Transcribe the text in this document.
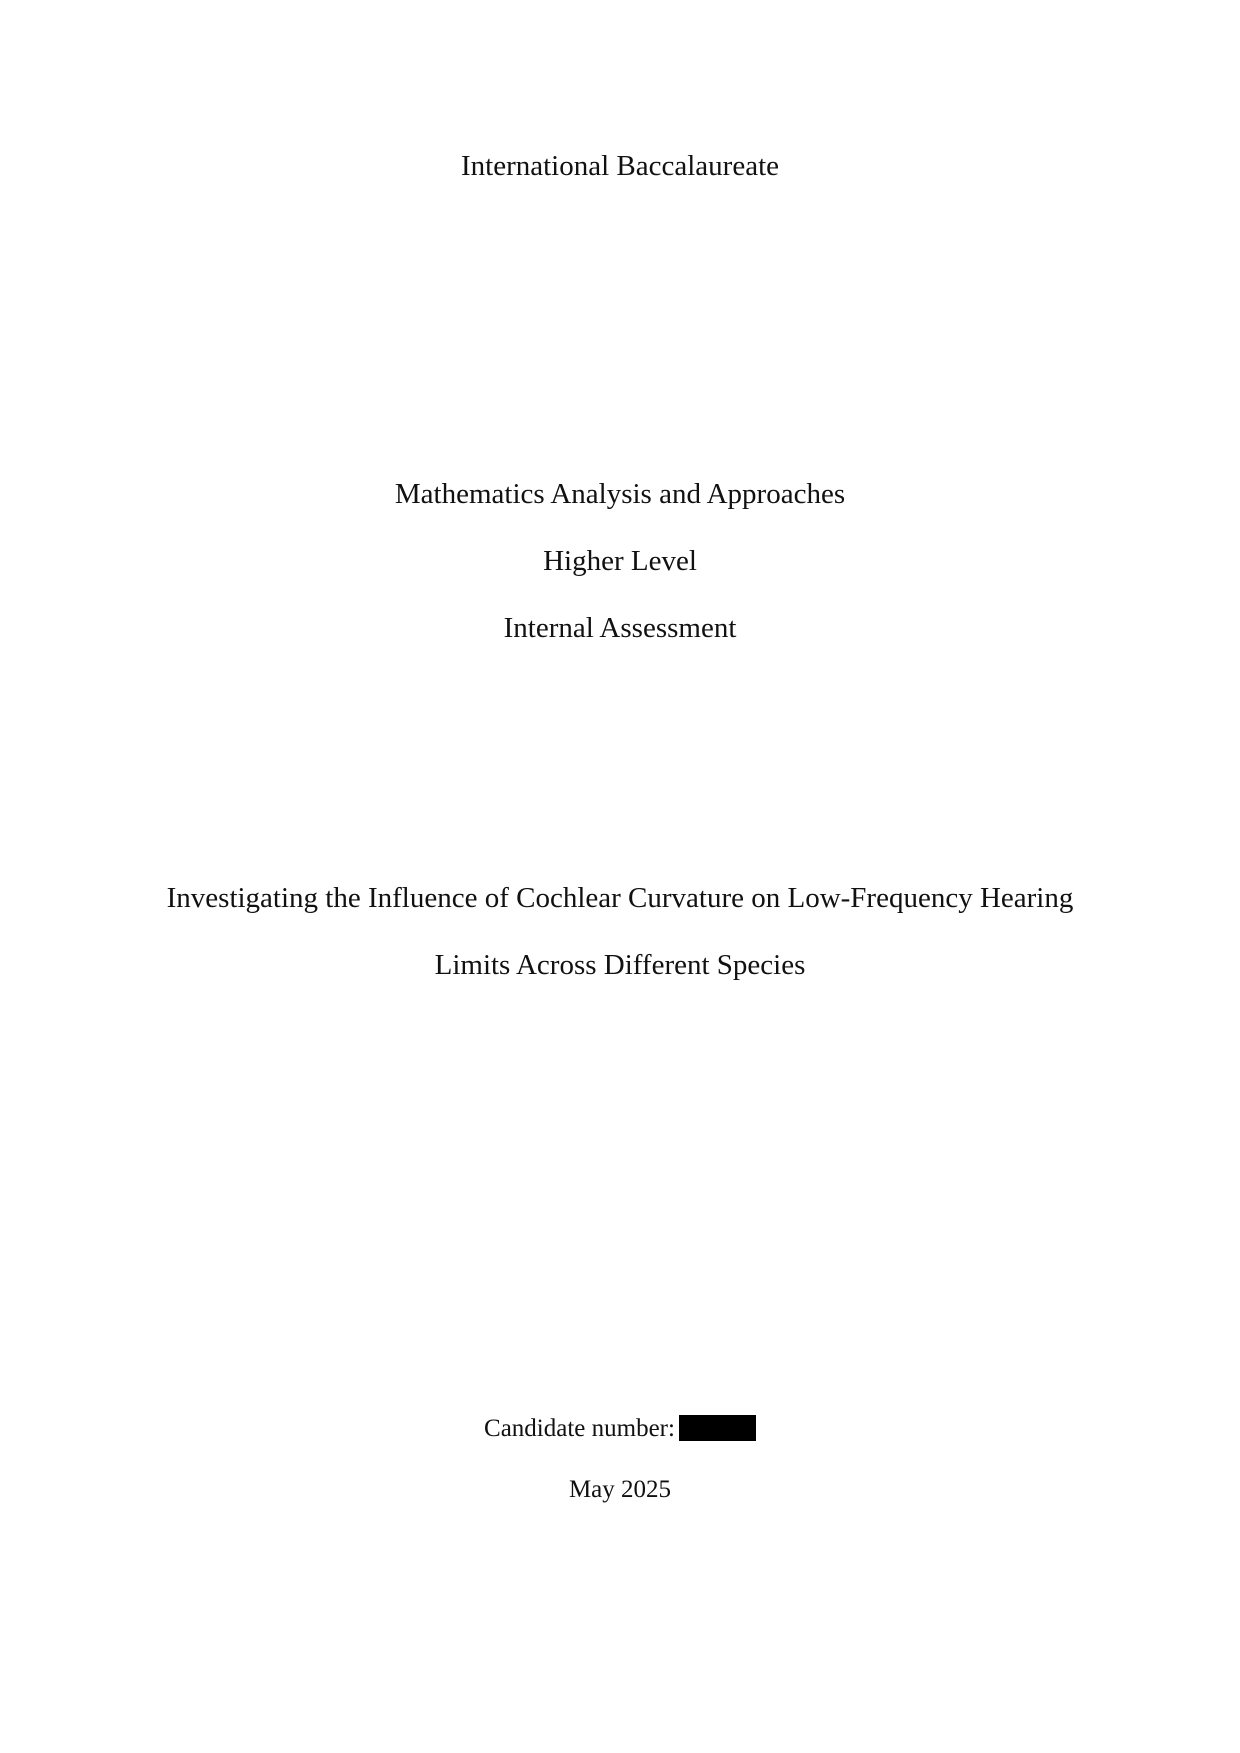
International Baccalaureate
Mathematics Analysis and Approaches
Higher Level
Internal Assessment
Investigating the Influence of Cochlear Curvature on Low-Frequency Hearing
Limits Across Different Species
Candidate number:
May 2025
